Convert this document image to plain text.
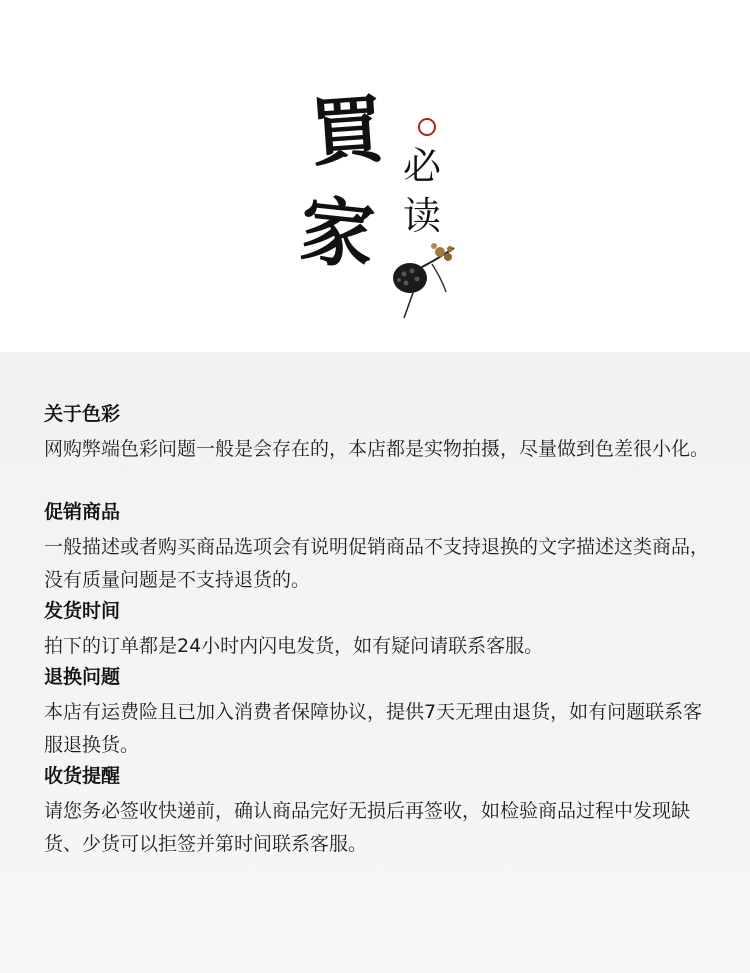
買
家
必
读

关于色彩

网购弊端色彩问题一般是会存在的，本店都是实物拍摄，尽量做到色差很小化。

促销商品

一般描述或者购买商品选项会有说明促销商品不支持退换的文字描述这类商品，没有质量问题是不支持退货的。

发货时间

拍下的订单都是24小时内闪电发货，如有疑问请联系客服。

退换问题

本店有运费险且已加入消费者保障协议，提供7天无理由退货，如有问题联系客服退换货。

收货提醒

请您务必签收快递前，确认商品完好无损后再签收，如检验商品过程中发现缺货、少货可以拒签并第时间联系客服。
